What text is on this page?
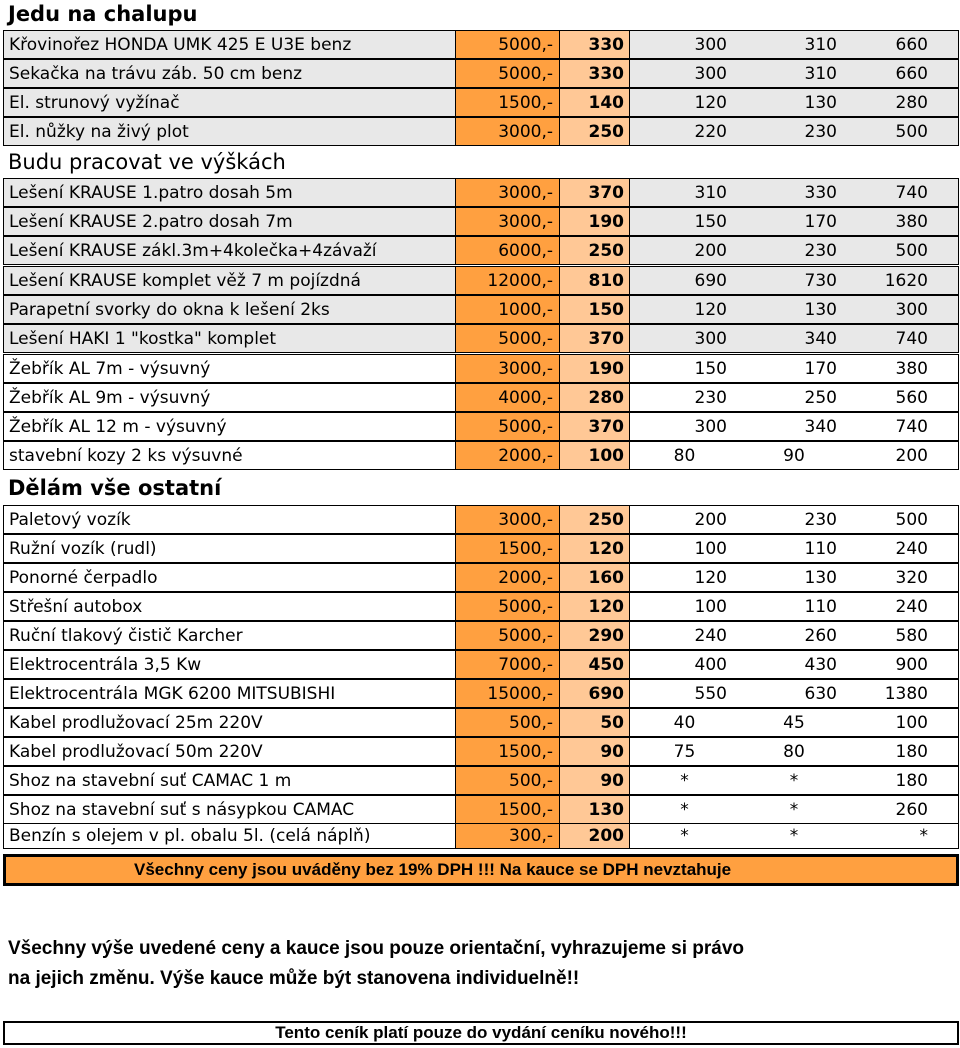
Jedu na chalupu
Křovinořez HONDA UMK 425 E U3E benz	5000,-	330	300	310	660
Sekačka na trávu záb. 50 cm benz	5000,-	330	300	310	660
El. strunový vyžínač	1500,-	140	120	130	280
El. nůžky na živý plot	3000,-	250	220	230	500
Budu pracovat ve výškách
Lešení KRAUSE 1.patro dosah 5m	3000,-	370	310	330	740
Lešení KRAUSE 2.patro dosah 7m	3000,-	190	150	170	380
Lešení KRAUSE zákl.3m+4kolečka+4závaží	6000,-	250	200	230	500
Lešení KRAUSE komplet věž 7 m pojízdná	12000,-	810	690	730	1620
Parapetní svorky do okna k lešení 2ks	1000,-	150	120	130	300
Lešení HAKI 1 "kostka" komplet	5000,-	370	300	340	740
Žebřík AL 7m - výsuvný	3000,-	190	150	170	380
Žebřík AL 9m - výsuvný	4000,-	280	230	250	560
Žebřík AL 12 m - výsuvný	5000,-	370	300	340	740
stavební kozy 2 ks výsuvné	2000,-	100	80	90	200
Dělám vše ostatní
Paletový vozík	3000,-	250	200	230	500
Ružní vozík (rudl)	1500,-	120	100	110	240
Ponorné čerpadlo	2000,-	160	120	130	320
Střešní autobox	5000,-	120	100	110	240
Ruční tlakový čistič Karcher	5000,-	290	240	260	580
Elektrocentrála 3,5 Kw	7000,-	450	400	430	900
Elektrocentrála MGK 6200 MITSUBISHI	15000,-	690	550	630	1380
Kabel prodlužovací 25m 220V	500,-	50	40	45	100
Kabel prodlužovací 50m 220V	1500,-	90	75	80	180
Shoz na stavební suť CAMAC 1 m	500,-	90	*	*	180
Shoz na stavební suť s násypkou CAMAC	1500,-	130	*	*	260
Benzín s olejem v pl. obalu 5l. (celá náplň)	300,-	200	*	*	*
Všechny ceny jsou uváděny bez 19% DPH !!! Na kauce se DPH nevztahuje
Všechny výše uvedené ceny a kauce jsou pouze orientační, vyhrazujeme si právo
na jejich změnu. Výše kauce může být stanovena individuelně!!
Tento ceník platí pouze do vydání ceníku nového!!!
